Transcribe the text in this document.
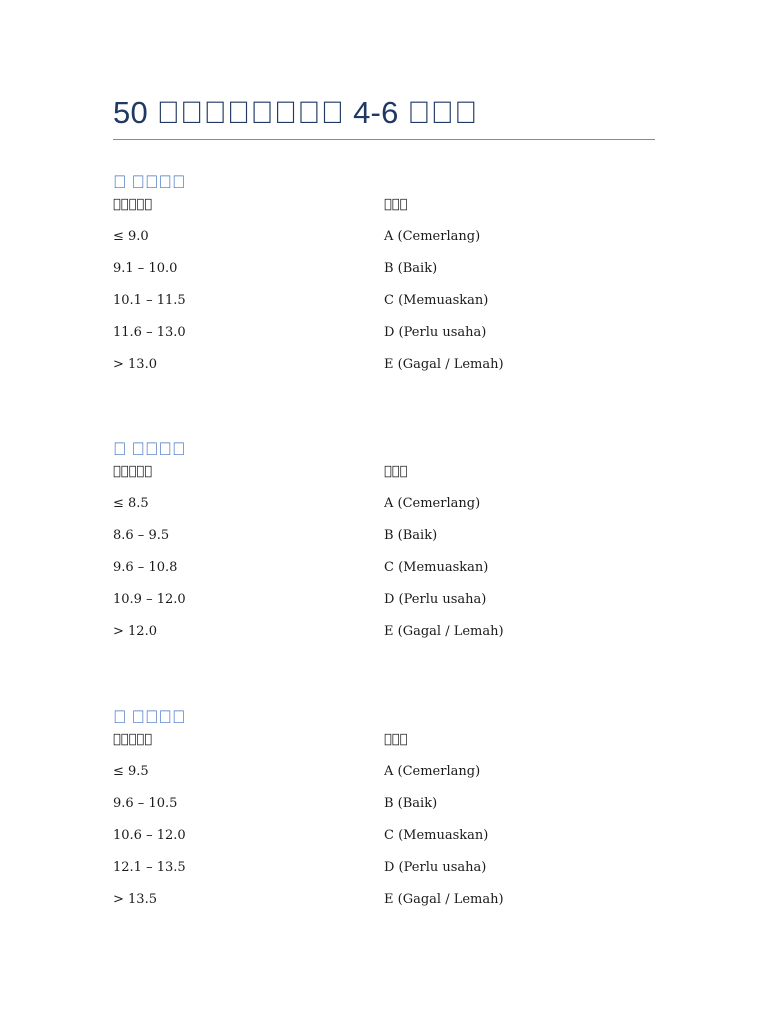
50 􏰀􏰀􏰀􏰀􏰀􏰀􏰀􏰀 4-6 􏰀􏰀􏰀
􏰀 􏰀􏰀􏰀􏰀
􏰀􏰀􏰀􏰀􏰀	􏰀􏰀􏰀
≤ 9.0	A (Cemerlang)
9.1 – 10.0	B (Baik)
10.1 – 11.5	C (Memuaskan)
11.6 – 13.0	D (Perlu usaha)
> 13.0	E (Gagal / Lemah)
􏰀 􏰀􏰀􏰀􏰀
􏰀􏰀􏰀􏰀􏰀	􏰀􏰀􏰀
≤ 8.5	A (Cemerlang)
8.6 – 9.5	B (Baik)
9.6 – 10.8	C (Memuaskan)
10.9 – 12.0	D (Perlu usaha)
> 12.0	E (Gagal / Lemah)
􏰀 􏰀􏰀􏰀􏰀
􏰀􏰀􏰀􏰀􏰀	􏰀􏰀􏰀
≤ 9.5	A (Cemerlang)
9.6 – 10.5	B (Baik)
10.6 – 12.0	C (Memuaskan)
12.1 – 13.5	D (Perlu usaha)
> 13.5	E (Gagal / Lemah)
